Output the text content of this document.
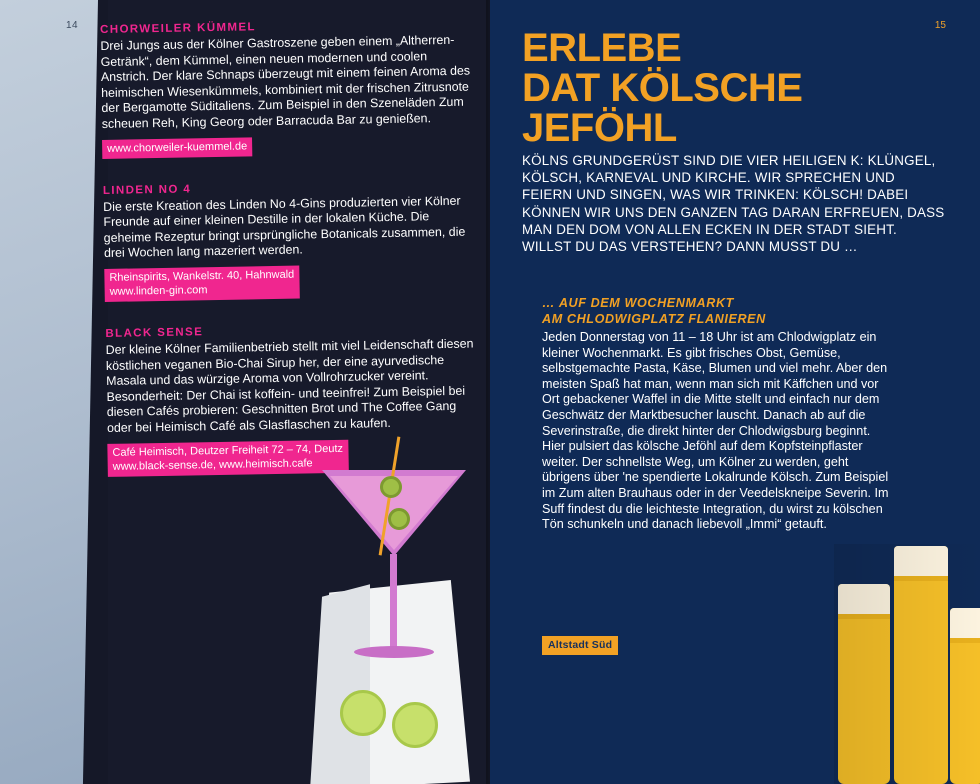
14 CHORWEILER KÜMMEL

Drei Jungs aus der Kölner Gastroszene geben einem „Altherren-Getränk“, dem Kümmel, einen neuen modernen und coolen Anstrich. Der klare Schnaps überzeugt mit einem feinen Aroma des heimischen Wiesenkümmels, kombiniert mit der frischen Zitrusnote der Bergamotte Süditaliens. Zum Beispiel in den Szeneläden Zum scheuen Reh, King Georg oder Barracuda Bar zu genießen.

www.chorweiler-kuemmel.de

LINDEN NO 4

Die erste Kreation des Linden No 4-Gins produzierten vier Kölner Freunde auf einer kleinen Destille in der lokalen Küche. Die geheime Rezeptur bringt ursprüngliche Botanicals zusammen, die drei Wochen lang mazeriert werden.

Rheinspirits, Wankelstr. 40, Hahnwald
www.linden-gin.com

BLACK SENSE

Der kleine Kölner Familienbetrieb stellt mit viel Leidenschaft diesen köstlichen veganen Bio-Chai Sirup her, der eine ayurvedische Masala und das würzige Aroma von Vollrohrzucker vereint. Besonderheit: Der Chai ist koffein- und teeinfrei! Zum Beispiel bei diesen Cafés probieren: Geschnitten Brot und The Coffee Gang oder bei Heimisch Café als Glasflaschen zu kaufen.

Café Heimisch, Deutzer Freiheit 72 – 74, Deutz
www.black-sense.de, www.heimisch.cafe
15
ERLEBE
DAT KÖLSCHE
JEFÖHL
KÖLNS GRUNDGERÜST SIND DIE VIER HEILIGEN K: KLÜNGEL, KÖLSCH, KARNEVAL UND KIRCHE. WIR SPRECHEN UND FEIERN UND SINGEN, WAS WIR TRINKEN: KÖLSCH! DABEI KÖNNEN WIR UNS DEN GANZEN TAG DARAN ERFREUEN, DASS MAN DEN DOM VON ALLEN ECKEN IN DER STADT SIEHT. WILLST DU DAS VERSTEHEN? DANN MUSST DU …
… AUF DEM WOCHENMARKT
AM CHLODWIGPLATZ FLANIEREN
Jeden Donnerstag von 11 – 18 Uhr ist am Chlodwigplatz ein kleiner Wochenmarkt. Es gibt frisches Obst, Gemüse, selbstgemachte Pasta, Käse, Blumen und viel mehr. Aber den meisten Spaß hat man, wenn man sich mit Käffchen und vor Ort gebackener Waffel in die Mitte stellt und einfach nur dem Geschwätz der Marktbesucher lauscht. Danach ab auf die Severinstraße, die direkt hinter der Chlodwigsburg beginnt. Hier pulsiert das kölsche Jeföhl auf dem Kopfsteinpflaster weiter. Der schnellste Weg, um Kölner zu werden, geht übrigens über 'ne spendierte Lokalrunde Kölsch. Zum Beispiel im Zum alten Brauhaus oder in der Veedelskneipe Severin. Im Suff findest du die leichteste Integration, du wirst zu kölschen Tön schunkeln und danach liebevoll „Immi“ getauft.
Altstadt Süd
